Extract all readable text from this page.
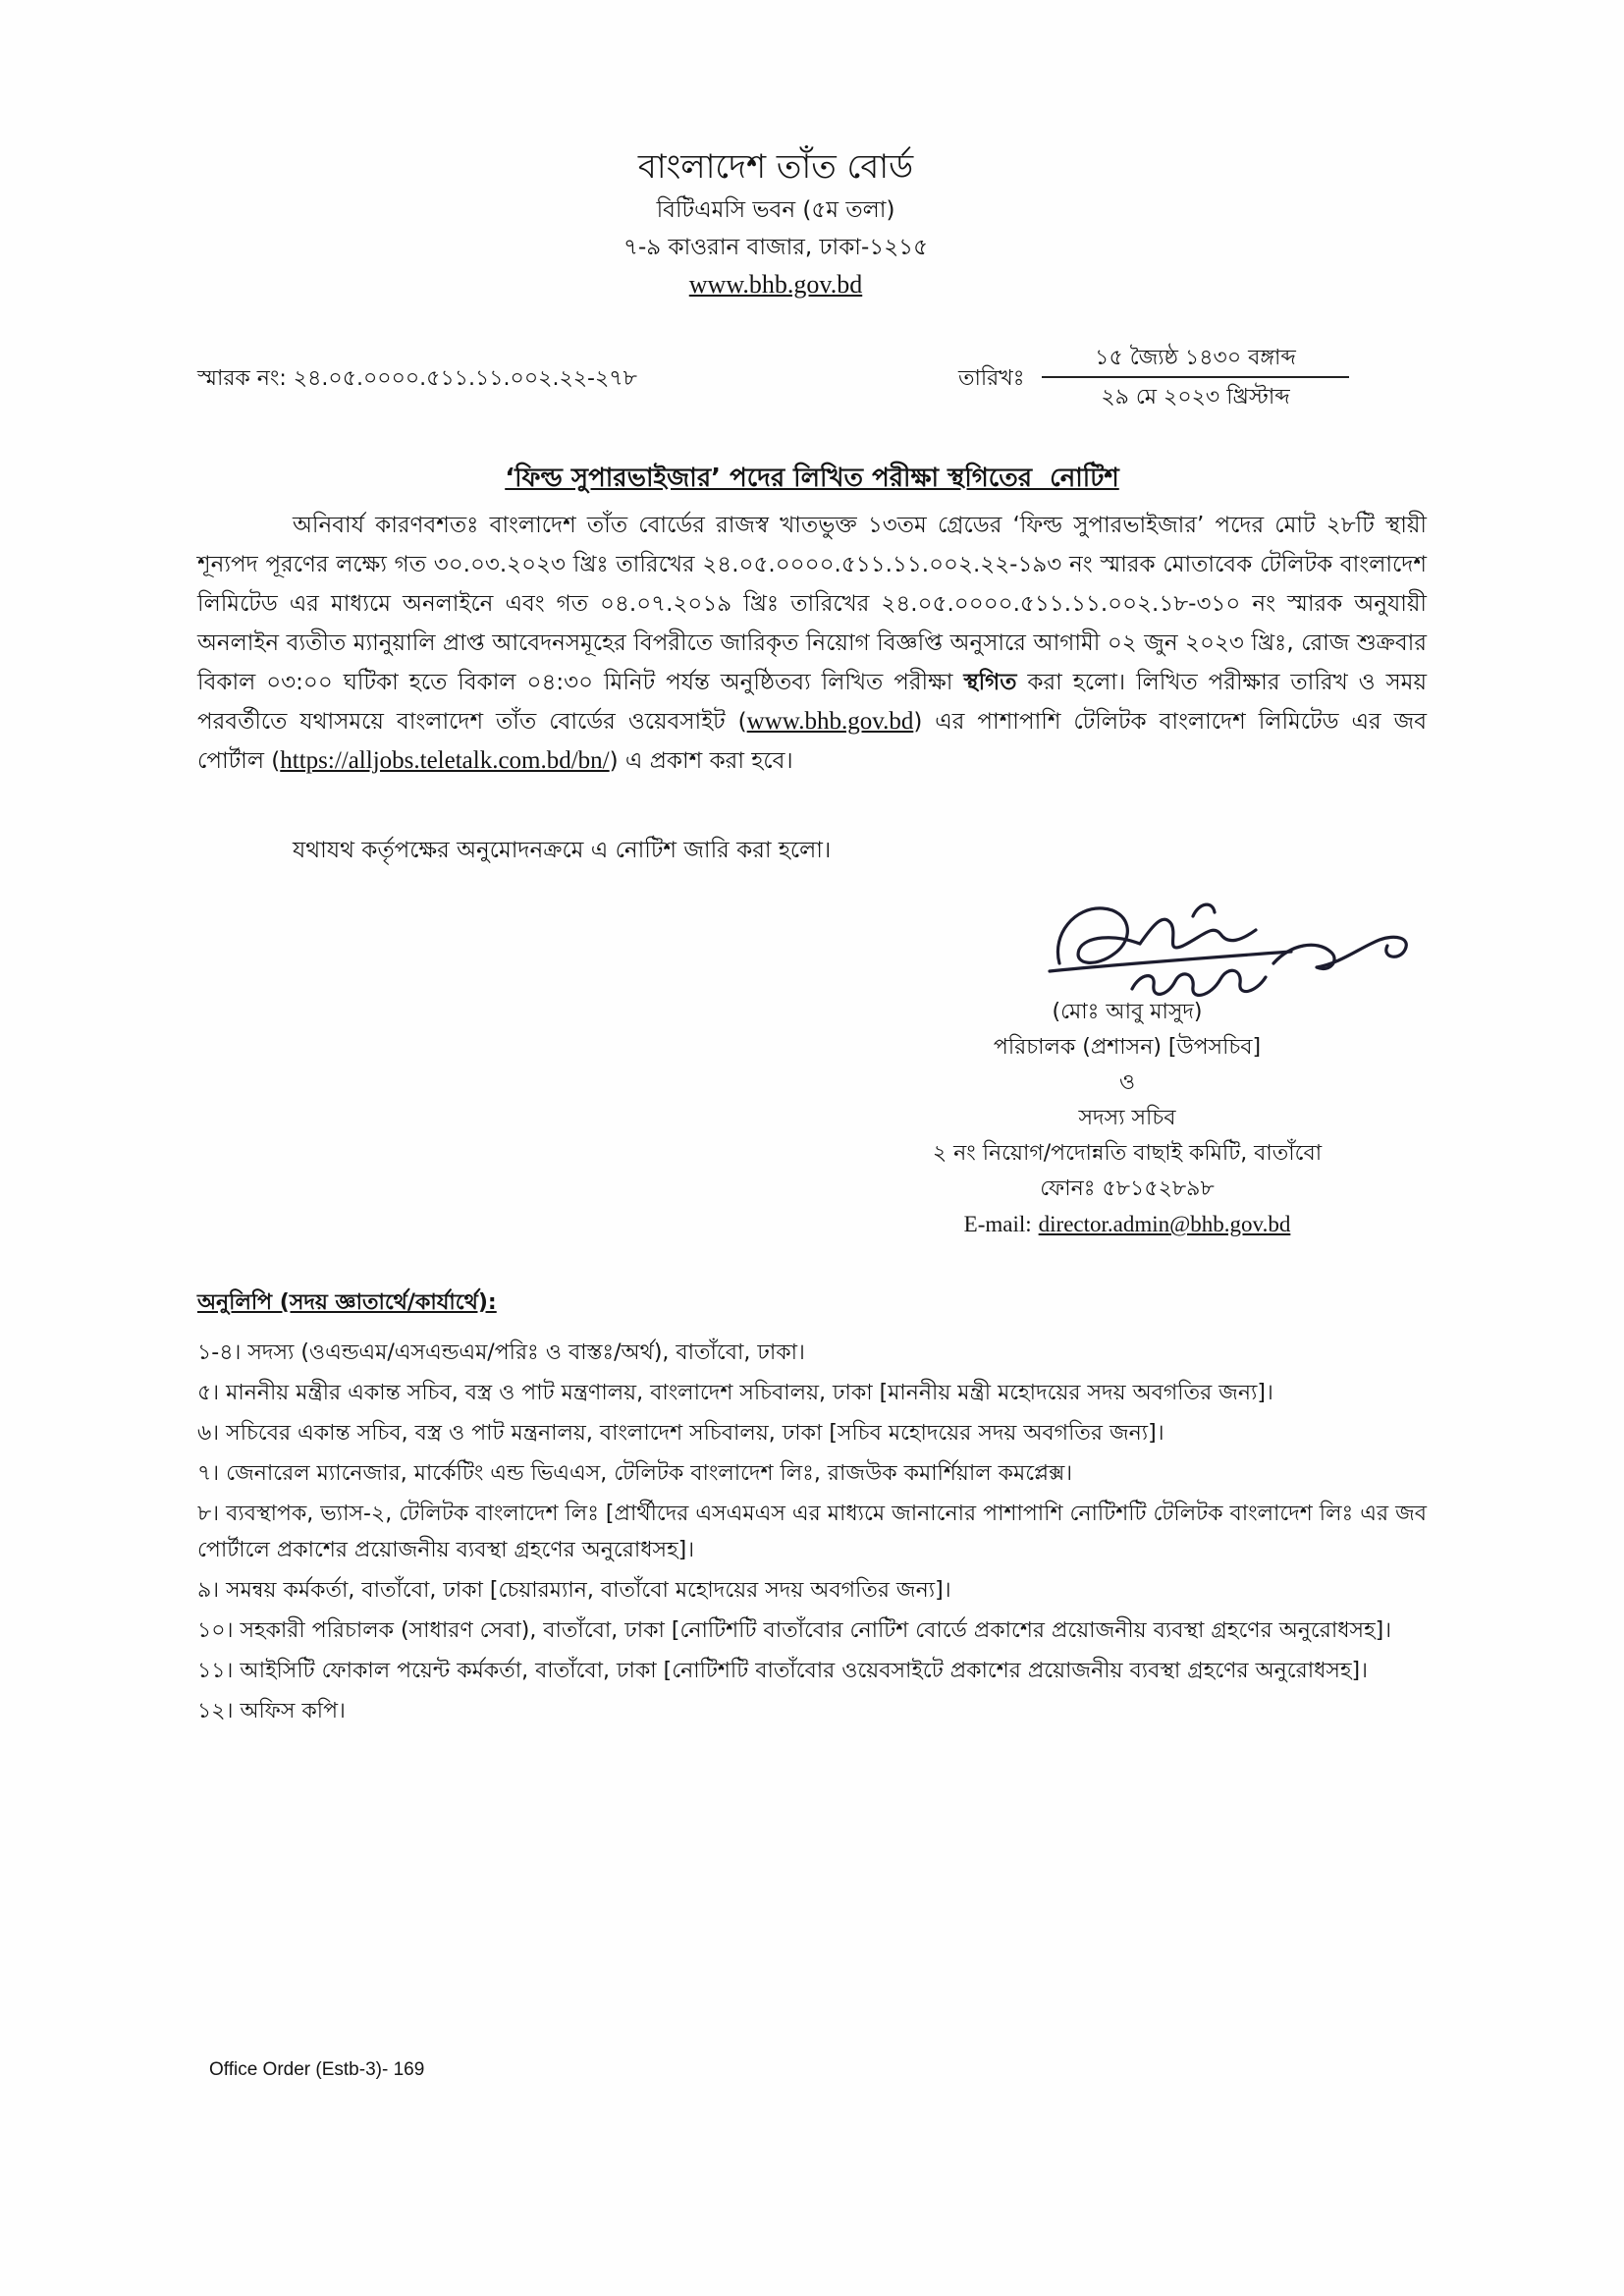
বাংলাদেশ তাঁত বোর্ড
বিটিএমসি ভবন (৫ম তলা)
৭-৯ কাওরান বাজার, ঢাকা-১২১৫
www.bhb.gov.bd
স্মারক নং: ২৪.০৫.০০০০.৫১১.১১.০০২.২২-২৭৮	তারিখঃ
১৫ জ্যৈষ্ঠ ১৪৩০ বঙ্গাব্দ
২৯ মে ২০২৩ খ্রিস্টাব্দ
‘ফিল্ড সুপারভাইজার’ পদের লিখিত পরীক্ষা স্থগিতের  নোটিশ

অনিবার্য কারণবশতঃ বাংলাদেশ তাঁত বোর্ডের রাজস্ব খাতভুক্ত ১৩তম গ্রেডের ‘ফিল্ড সুপারভাইজার’ পদের মোট ২৮টি স্থায়ী শূন্যপদ পূরণের লক্ষ্যে গত ৩০.০৩.২০২৩ খ্রিঃ তারিখের ২৪.০৫.০০০০.৫১১.১১.০০২.২২-১৯৩ নং স্মারক মোতাবেক টেলিটক বাংলাদেশ লিমিটেড এর মাধ্যমে অনলাইনে এবং গত ০৪.০৭.২০১৯ খ্রিঃ তারিখের ২৪.০৫.০০০০.৫১১.১১.০০২.১৮-৩১০ নং স্মারক অনুযায়ী অনলাইন ব্যতীত ম্যানুয়ালি প্রাপ্ত আবেদনসমূহের বিপরীতে জারিকৃত নিয়োগ বিজ্ঞপ্তি অনুসারে আগামী ০২ জুন ২০২৩ খ্রিঃ, রোজ শুক্রবার বিকাল ০৩:০০ ঘটিকা হতে বিকাল ০৪:৩০ মিনিট পর্যন্ত অনুষ্ঠিতব্য লিখিত পরীক্ষা স্থগিত করা হলো। লিখিত পরীক্ষার তারিখ ও সময় পরবর্তীতে যথাসময়ে বাংলাদেশ তাঁত বোর্ডের ওয়েবসাইট (www.bhb.gov.bd) এর পাশাপাশি টেলিটক বাংলাদেশ লিমিটেড এর জব পোর্টাল (https://alljobs.teletalk.com.bd/bn/) এ প্রকাশ করা হবে।

যথাযথ কর্তৃপক্ষের অনুমোদনক্রমে এ নোটিশ জারি করা হলো।

(মোঃ আবু মাসুদ)
পরিচালক (প্রশাসন) [উপসচিব]
ও
সদস্য সচিব
২ নং নিয়োগ/পদোন্নতি বাছাই কমিটি, বাতাঁবো
ফোনঃ ৫৮১৫২৮৯৮
E-mail: director.admin@bhb.gov.bd
অনুলিপি (সদয় জ্ঞাতার্থে/কার্যার্থে):

১-৪। সদস্য (ওএন্ডএম/এসএন্ডএম/পরিঃ ও বাস্তঃ/অর্থ), বাতাঁবো, ঢাকা।

৫। মাননীয় মন্ত্রীর একান্ত সচিব, বস্ত্র ও পাট মন্ত্রণালয়, বাংলাদেশ সচিবালয়, ঢাকা [মাননীয় মন্ত্রী মহোদয়ের সদয় অবগতির জন্য]।

৬। সচিবের একান্ত সচিব, বস্ত্র ও পাট মন্ত্রনালয়, বাংলাদেশ সচিবালয়, ঢাকা [সচিব মহোদয়ের সদয় অবগতির জন্য]।

৭। জেনারেল ম্যানেজার, মার্কেটিং এন্ড ভিএএস, টেলিটক বাংলাদেশ লিঃ, রাজউক কমার্শিয়াল কমপ্লেক্স।

৮। ব্যবস্থাপক, ভ্যাস-২, টেলিটক বাংলাদেশ লিঃ [প্রার্থীদের এসএমএস এর মাধ্যমে জানানোর পাশাপাশি নোটিশটি টেলিটক বাংলাদেশ লিঃ এর জব পোর্টালে প্রকাশের প্রয়োজনীয় ব্যবস্থা গ্রহণের অনুরোধসহ]।

৯। সমন্বয় কর্মকর্তা, বাতাঁবো, ঢাকা [চেয়ারম্যান, বাতাঁবো মহোদয়ের সদয় অবগতির জন্য]।

১০। সহকারী পরিচালক (সাধারণ সেবা), বাতাঁবো, ঢাকা [নোটিশটি বাতাঁবোর নোটিশ বোর্ডে প্রকাশের প্রয়োজনীয় ব্যবস্থা গ্রহণের অনুরোধসহ]।

১১। আইসিটি ফোকাল পয়েন্ট কর্মকর্তা, বাতাঁবো, ঢাকা [নোটিশটি বাতাঁবোর ওয়েবসাইটে প্রকাশের প্রয়োজনীয় ব্যবস্থা গ্রহণের অনুরোধসহ]।

১২। অফিস কপি।

Office Order (Estb-3)- 169
